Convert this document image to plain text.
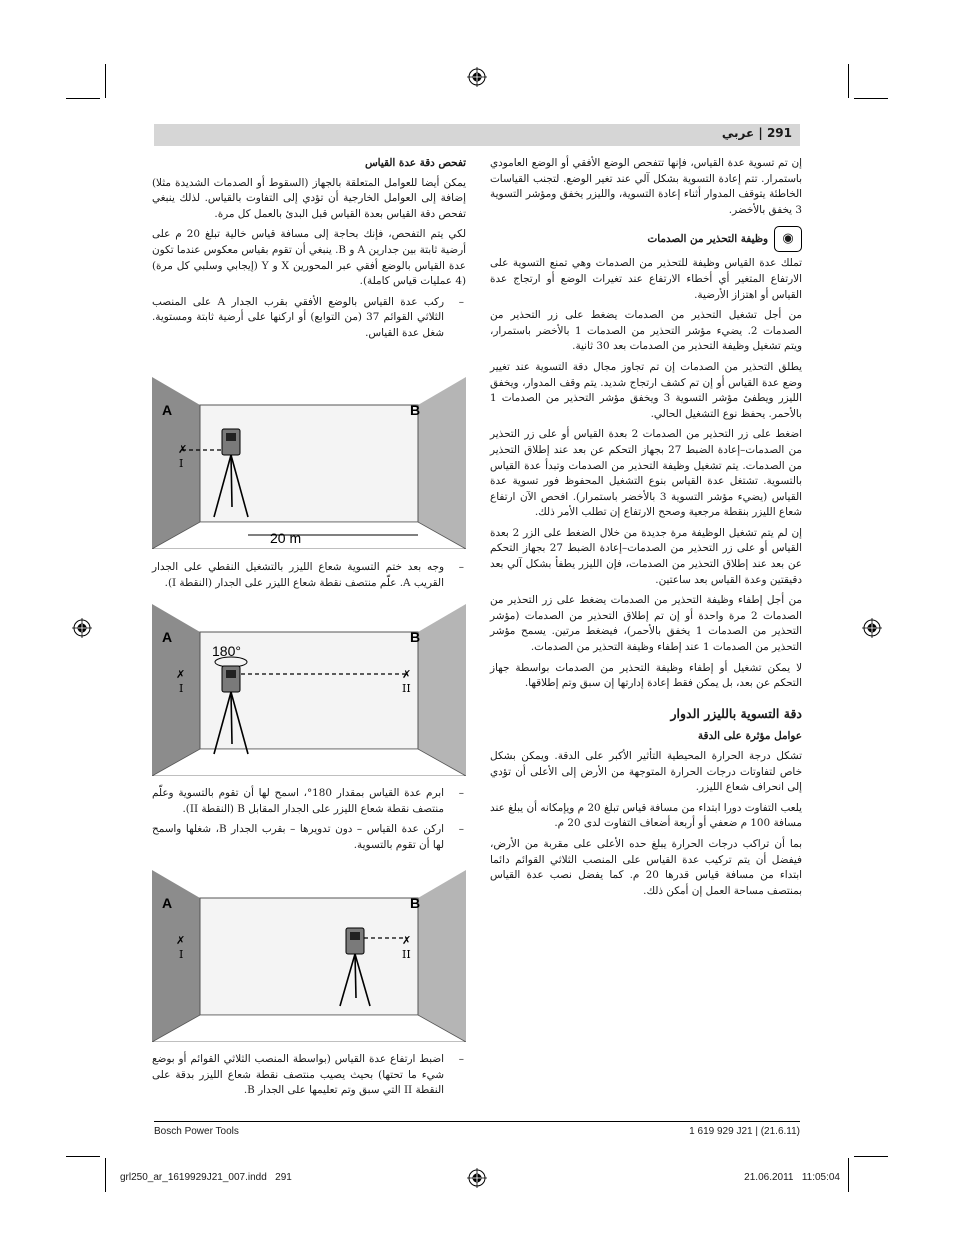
291 | عربي

إن تم تسوية عدة القياس، فإنها تتفحص الوضع الأفقي أو الوضع العامودي باستمرار. تتم إعادة التسوية بشكل آلي عند تغير الوضع. لتجنب القياسات الخاطئة يتوقف المدوار أثناء إعادة التسوية، والليزر يخفق ومؤشر التسوية 3 يخفق بالأخضر.

◉وظيفة التحذير من الصدمات

تملك عدة القياس وظيفة للتحذير من الصدمات وهي تمنع التسوية على الارتفاع المتغير أي أخطاء الارتفاع عند تغيرات الوضع أو ارتجاج عدة القياس أو اهتزاز الأرضية.

من أجل تشغيل التحذير من الصدمات يضغط على زر التحذير من الصدمات 2. يضيء مؤشر التحذير من الصدمات 1 بالأخضر باستمرار، ويتم تشغيل وظيفة التحذير من الصدمات بعد 30 ثانية.

يطلق التحذير من الصدمات إن تم تجاوز مجال دقة التسوية عند تغيير وضع عدة القياس أو إن تم كشف ارتجاج شديد. يتم وقف المدوار، ويخفق الليزر ويطفئ مؤشر التسوية 3 ويخفق مؤشر التحذير من الصدمات 1 بالأحمر. يحفظ نوع التشغيل الحالي.

اضغط على زر التحذير من الصدمات 2 بعدة القياس أو على زر التحذير من الصدمات–إعادة الضبط 27 بجهاز التحكم عن بعد عند إطلاق التحذير من الصدمات. يتم تشغيل وظيفة التحذير من الصدمات وتبدأ عدة القياس بالتسوية. تشتغل عدة القياس بنوع التشغيل المحفوظ فور تسوية عدة القياس (يضيء مؤشر التسوية 3 بالأخضر باستمرار). افحص الآن ارتفاع شعاع الليزر بنقطة مرجعية وصحح الارتفاع إن تطلب الأمر ذلك.

إن لم يتم تشغيل الوظيفة مرة جديدة من خلال الضغط على الزر 2 بعدة القياس أو على زر التحذير من الصدمات–إعادة الضبط 27 بجهاز التحكم عن بعد عند إطلاق التحذير من الصدمات، فإن الليزر يطفأ بشكل آلي بعد دقيقتين وعدة القياس بعد ساعتين.

من أجل إطفاء وظيفة التحذير من الصدمات يضغط على زر التحذير من الصدمات 2 مرة واحدة أو إن تم إطلاق التحذير من الصدمات (مؤشر التحذير من الصدمات 1 يخفق بالأحمر)، فيضغط مرتين. يسمح مؤشر التحذير من الصدمات 1 عند إطفاء وظيفة التحذير من الصدمات.

لا يمكن تشغيل أو إطفاء وظيفة التحذير من الصدمات بواسطة جهاز التحكم عن بعد، بل يمكن فقط إعادة إدارتها إن سبق وتم إطلاقها.

دقة التسوية بالليزر الدوار
عوامل مؤثرة على الدقة

تشكل درجة الحرارة المحيطية التأثير الأكبر على الدقة. ويمكن بشكل خاص لتفاوتات درجات الحرارة المتوجهة من الأرض إلى الأعلى أن تؤدي إلى انحراف شعاع الليزر.

يلعب التفاوت دورا ابتداء من مسافة قياس تبلغ 20 م ويإمكانه أن يبلغ عند مسافة 100 م ضعفي أو أربعة أضعاف التفاوت لدى 20 م.

بما أن تراكب درجات الحرارة يبلغ حده الأعلى على مقربة من الأرض، فيفضل أن يتم تركيب عدة القياس على المنصب الثلاثي القوائم دائما ابتداء من مسافة قياس قدرها 20 م. كما يفضل نصب عدة القياس بمنتصف مساحة العمل إن أمكن ذلك.

تفحص دقة عدة القياس

يمكن أيضا للعوامل المتعلقة بالجهاز (السقوط أو الصدمات الشديدة مثلا) إضافة إلى العوامل الخارجية أن تؤدي إلى التفاوت بالقياس. لذلك ينبغي تفحص دقة القياس بعدة القياس قبل البدئ بالعمل كل مرة.

لكي يتم التفحص، فإنك بحاجة إلى مسافة قياس خالية تبلغ 20 م على أرضية ثابتة بين جدارين A و B. ينبغي أن تقوم بقياس معكوس عندما تكون عدة القياس بالوضع أفقي عبر المحورين X و Y (إيجابي وسلبي كل مرة) (4 عمليات قياس كاملة).

– ركب عدة القياس بالوضع الأفقي بقرب الجدار A على المنصب الثلاثي القوائم 37 (من التوابع) أو اركنها على أرضية ثابتة ومستوية. شغل عدة القياس.

– وجه بعد ختم التسوية شعاع الليزر بالتشغيل النقطي على الجدار القريب A. علّم منتصف نقطة شعاع الليزر على الجدار (النقطة I).

– ابرم عدة القياس بمقدار 180°، اسمح لها أن تقوم بالتسوية وعلّم منتصف نقطة شعاع الليزر على الجدار المقابل B (النقطة II).

– اركن عدة القياس – دون تدويرها – بقرب الجدار B، شغلها واسمح لها أن تقوم بالتسوية.

– اضبط ارتفاع عدة القياس (بواسطة المنصب الثلاثي القوائم أو بوضع شيء ما تحتها) بحيث يصيب منتصف نقطة شعاع الليزر بدقة على النقطة II التي سبق وتم تعليمها على الجدار B.

A	B
✗
I
20 m
A	B
180°
✗
I
✗
II
A	B
✗
I
✗
II
Bosch Power Tools	1 619 929 J21 | (21.6.11)
grl250_ar_1619929J21_007.indd   291	21.06.2011   11:05:04
